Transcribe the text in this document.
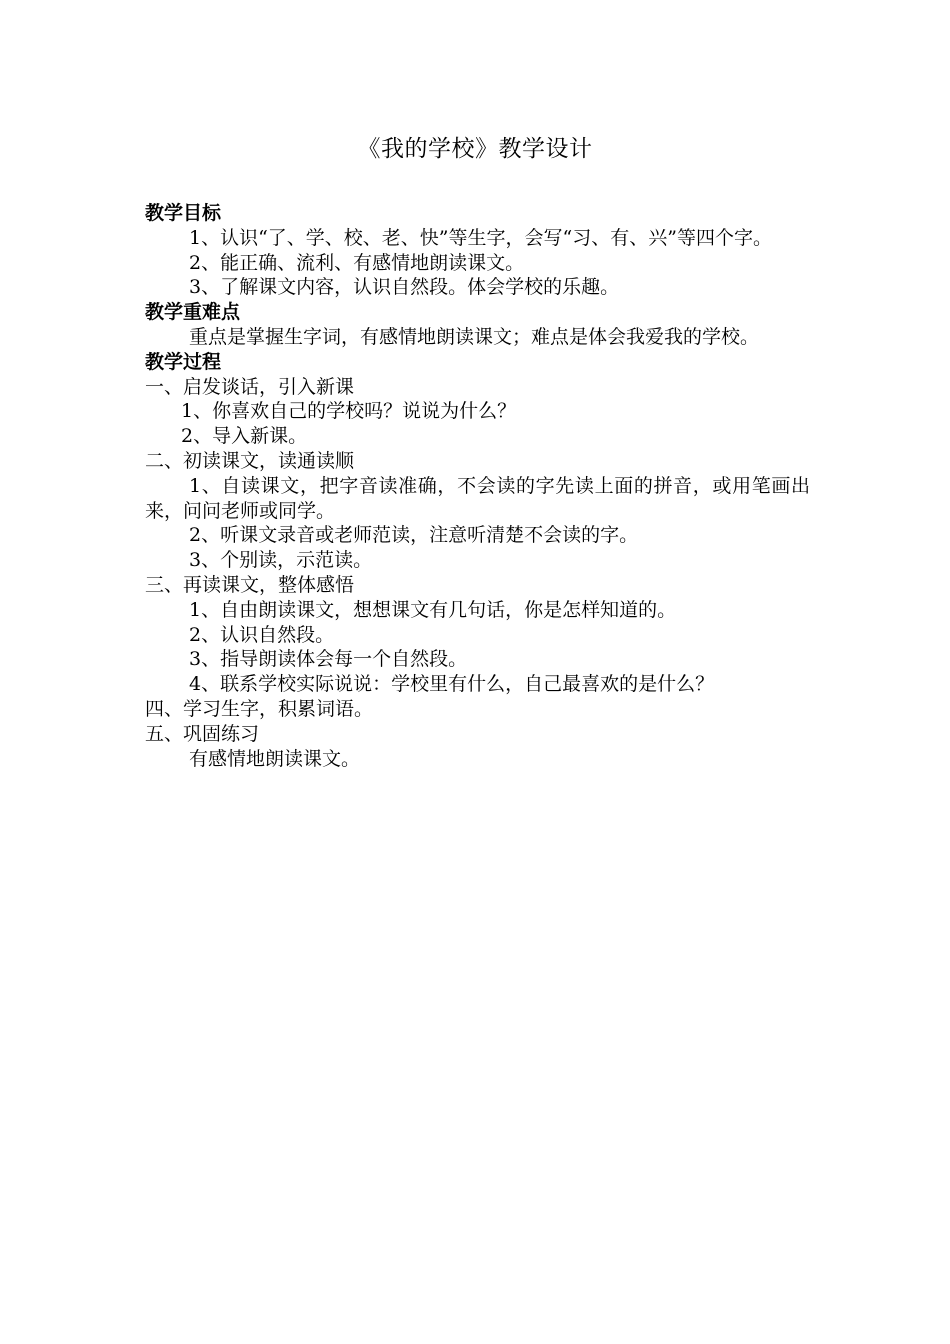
《我的学校》教学设计

教学目标

1、认识“了、学、校、老、快”等生字，会写“习、有、兴”等四个字。

2、能正确、流利、有感情地朗读课文。

3、了解课文内容，认识自然段。体会学校的乐趣。

教学重难点

重点是掌握生字词，有感情地朗读课文；难点是体会我爱我的学校。

教学过程

一、启发谈话，引入新课

1、你喜欢自己的学校吗？说说为什么？

2、导入新课。

二、初读课文，读通读顺

1、自读课文，把字音读准确，不会读的字先读上面的拼音，或用笔画出来，问问老师或同学。

2、听课文录音或老师范读，注意听清楚不会读的字。

3、个别读，示范读。

三、再读课文，整体感悟

1、自由朗读课文，想想课文有几句话，你是怎样知道的。

2、认识自然段。

3、指导朗读体会每一个自然段。

4、联系学校实际说说：学校里有什么，自己最喜欢的是什么？

四、学习生字，积累词语。

五、巩固练习

有感情地朗读课文。
